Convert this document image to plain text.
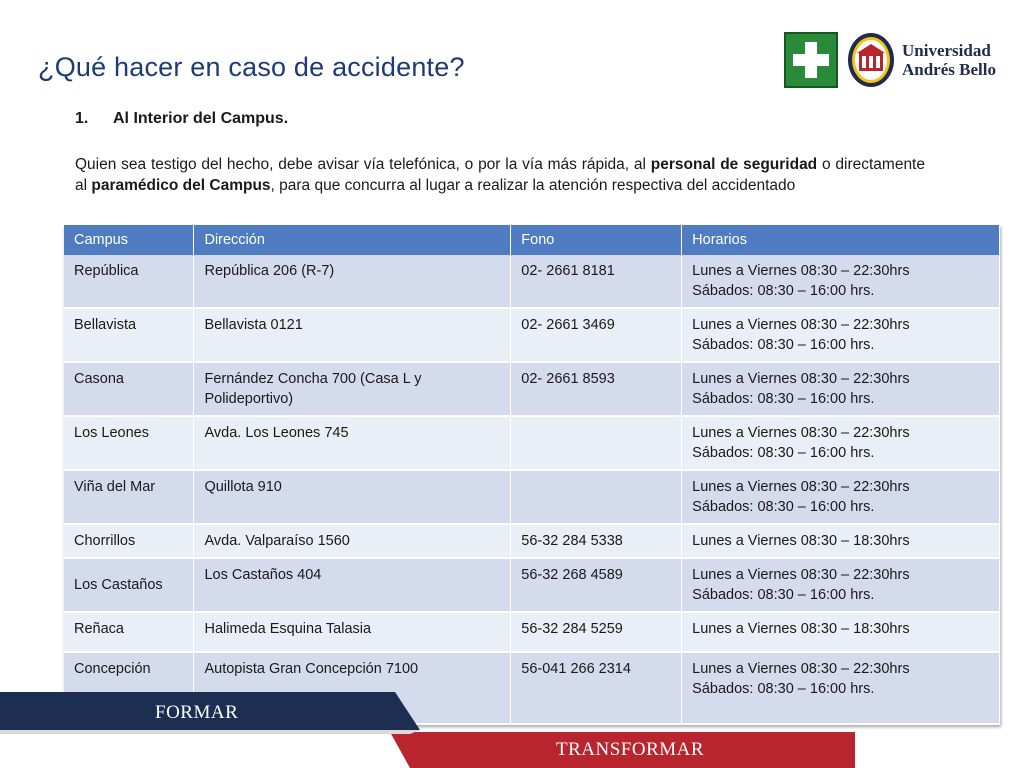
¿Qué hacer en caso de accidente?
Universidad
Andrés Bello
1. Al Interior del Campus.

Quien sea testigo del hecho, debe avisar vía telefónica, o por la vía más rápida, al personal de seguridad o directamente al paramédico del Campus, para que concurra al lugar a realizar la atención respectiva del accidentado

Campus	Dirección	Fono	Horarios
República	República 206 (R-7)	02- 2661 8181	Lunes a Viernes 08:30 – 22:30hrs
Sábados: 08:30 – 16:00 hrs.

Bellavista	Bellavista 0121	02- 2661 3469	Lunes a Viernes 08:30 – 22:30hrs
Sábados: 08:30 – 16:00 hrs.

Casona	Fernández Concha 700 (Casa L y Polideportivo)	02- 2661 8593	Lunes a Viernes 08:30 – 22:30hrs
Sábados: 08:30 – 16:00 hrs.

Los Leones	Avda. Los Leones 745		Lunes a Viernes 08:30 – 22:30hrs
Sábados: 08:30 – 16:00 hrs.

Viña del Mar	Quillota 910		Lunes a Viernes 08:30 – 22:30hrs
Sábados: 08:30 – 16:00 hrs.

Chorrillos	Avda. Valparaíso 1560	56-32 284 5338	Lunes a Viernes 08:30 – 18:30hrs

Los Castaños	Los Castaños 404	56-32 268 4589	Lunes a Viernes 08:30 – 22:30hrs
Sábados: 08:30 – 16:00 hrs.

Reñaca	Halimeda Esquina Talasia	56-32 284 5259	Lunes a Viernes 08:30 – 18:30hrs

Concepción	Autopista Gran Concepción 7100	56-041 266 2314	Lunes a Viernes 08:30 – 22:30hrs
Sábados: 08:30 – 16:00 hrs.
FORMAR
TRANSFORMAR
